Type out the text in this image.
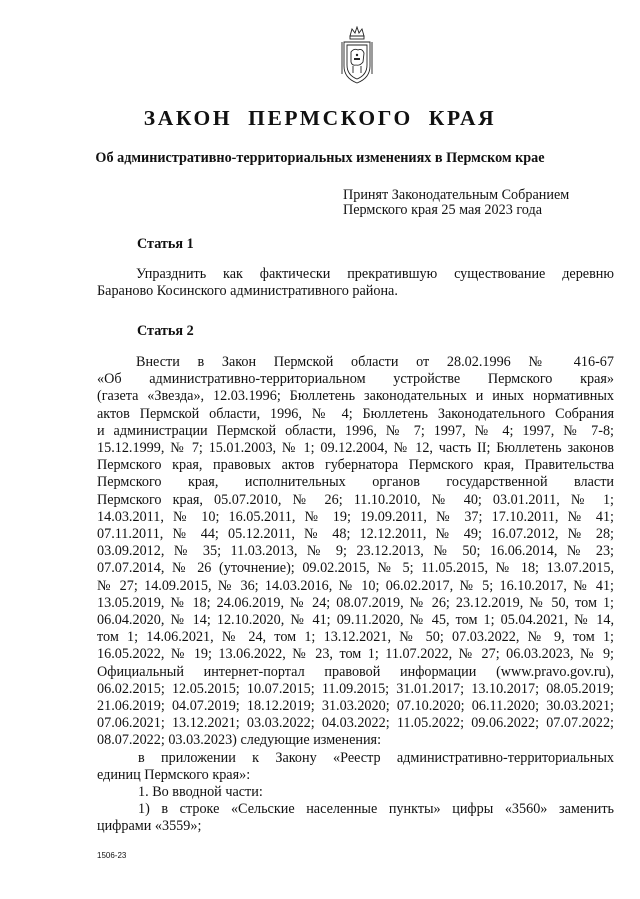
ЗАКОН ПЕРМСКОГО КРАЯ
Об административно-территориальных изменениях в Пермском крае
Принят Законодательным Собранием
Пермского края 25 мая 2023 года
Статья 1
Упразднить как фактически прекратившую существование деревню
Бараново Косинского административного района.
Статья 2
Внести в Закон Пермской области от 28.02.1996 № 416-67
«Об административно-территориальном устройстве Пермского края»
(газета «Звезда», 12.03.1996; Бюллетень законодательных и иных нормативных
актов Пермской области, 1996, № 4; Бюллетень Законодательного Собрания
и администрации Пермской области, 1996, № 7; 1997, № 4; 1997, № 7-8;
15.12.1999, № 7; 15.01.2003, № 1; 09.12.2004, № 12, часть II; Бюллетень законов
Пермского края, правовых актов губернатора Пермского края, Правительства
Пермского края, исполнительных органов государственной власти
Пермского края, 05.07.2010, № 26; 11.10.2010, № 40; 03.01.2011, № 1;
14.03.2011, № 10; 16.05.2011, № 19; 19.09.2011, № 37; 17.10.2011, № 41;
07.11.2011, № 44; 05.12.2011, № 48; 12.12.2011, № 49; 16.07.2012, № 28;
03.09.2012, № 35; 11.03.2013, № 9; 23.12.2013, № 50; 16.06.2014, № 23;
07.07.2014, № 26 (уточнение); 09.02.2015, № 5; 11.05.2015, № 18; 13.07.2015,
№ 27; 14.09.2015, № 36; 14.03.2016, № 10; 06.02.2017, № 5; 16.10.2017, № 41;
13.05.2019, № 18; 24.06.2019, № 24; 08.07.2019, № 26; 23.12.2019, № 50, том 1;
06.04.2020, № 14; 12.10.2020, № 41; 09.11.2020, № 45, том 1; 05.04.2021, № 14,
том 1; 14.06.2021, № 24, том 1; 13.12.2021, № 50; 07.03.2022, № 9, том 1;
16.05.2022, № 19; 13.06.2022, № 23, том 1; 11.07.2022, № 27; 06.03.2023, № 9;
Официальный интернет-портал правовой информации (www.pravo.gov.ru),
06.02.2015; 12.05.2015; 10.07.2015; 11.09.2015; 31.01.2017; 13.10.2017; 08.05.2019;
21.06.2019; 04.07.2019; 18.12.2019; 31.03.2020; 07.10.2020; 06.11.2020; 30.03.2021;
07.06.2021; 13.12.2021; 03.03.2022; 04.03.2022; 11.05.2022; 09.06.2022; 07.07.2022;
08.07.2022; 03.03.2023) следующие изменения:
в приложении к Закону «Реестр административно-территориальных
единиц Пермского края»:
1. Во вводной части:
1) в строке «Сельские населенные пункты» цифры «3560» заменить
цифрами «3559»;
1506-23
